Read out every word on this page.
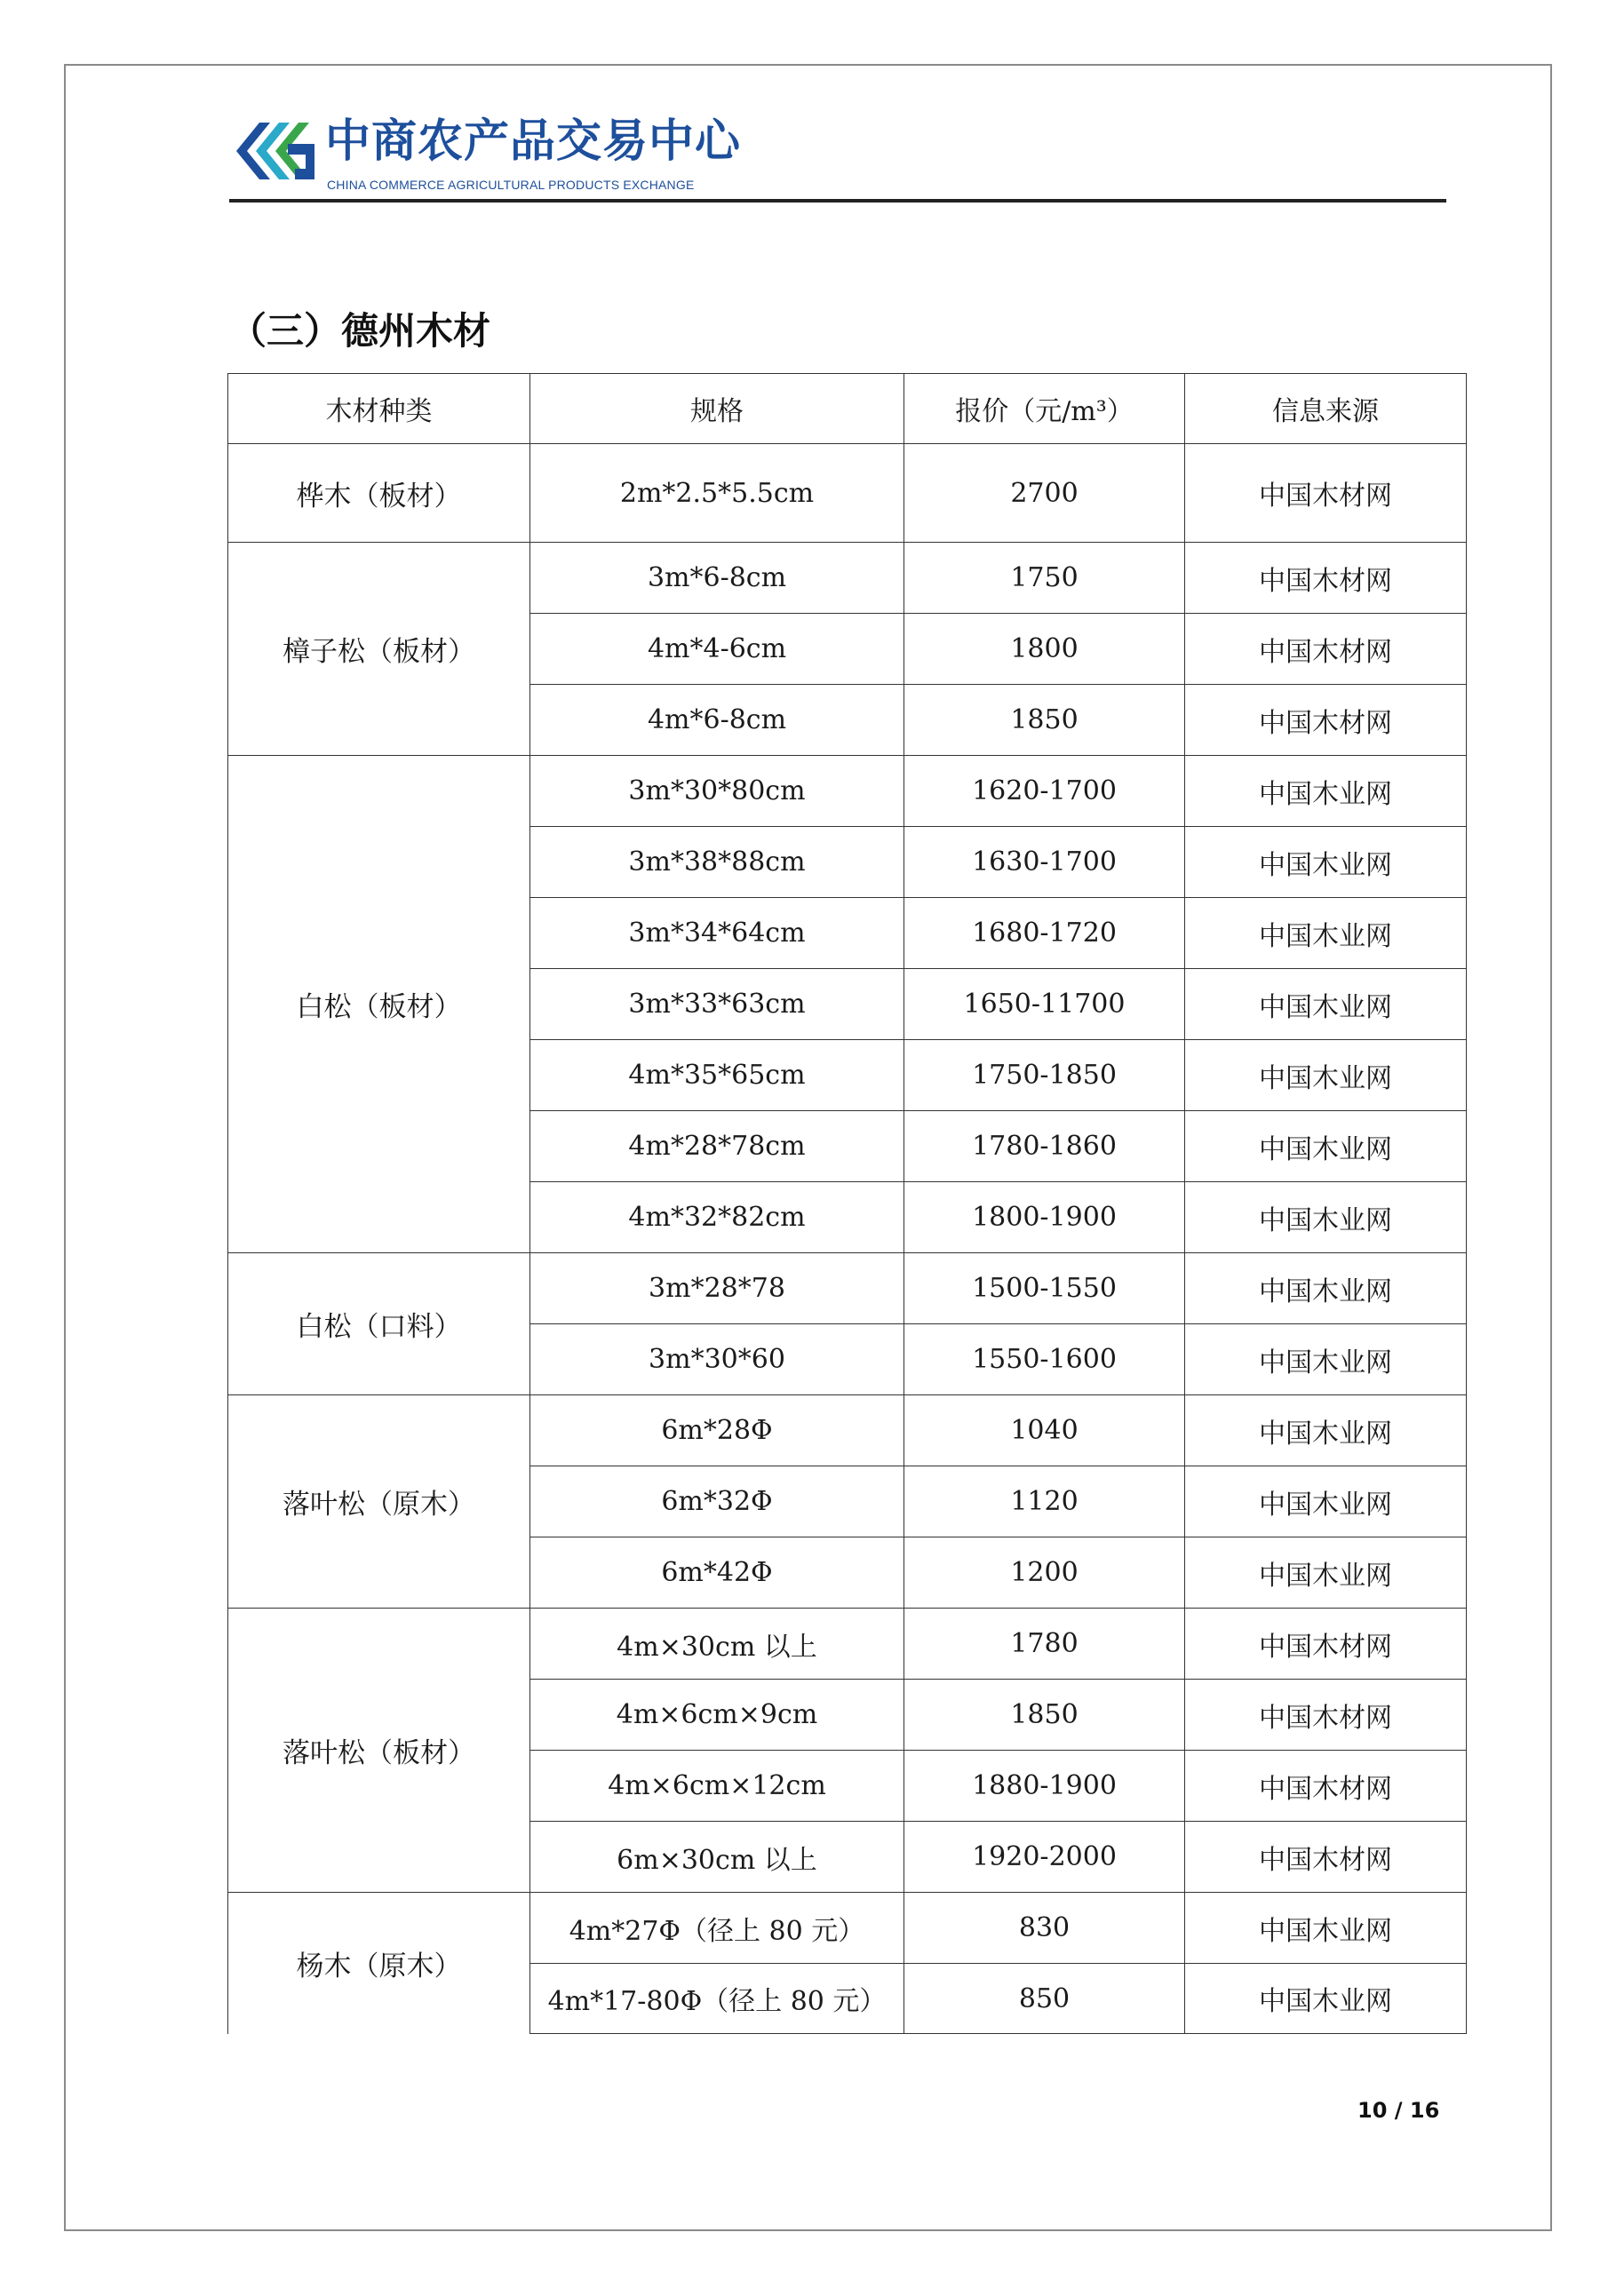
中商农产品交易中心
CHINA COMMERCE AGRICULTURAL PRODUCTS EXCHANGE
（三）德州木材
木材种类	规格	报价（元/m³）	信息来源
桦木（板材）	2m*2.5*5.5cm	2700	中国木材网
樟子松（板材）	3m*6-8cm	1750	中国木材网
	4m*4-6cm	1800	中国木材网
	4m*6-8cm	1850	中国木材网
白松（板材）	3m*30*80cm	1620-1700	中国木业网
	3m*38*88cm	1630-1700	中国木业网
	3m*34*64cm	1680-1720	中国木业网
	3m*33*63cm	1650-11700	中国木业网
	4m*35*65cm	1750-1850	中国木业网
	4m*28*78cm	1780-1860	中国木业网
	4m*32*82cm	1800-1900	中国木业网
白松（口料）	3m*28*78	1500-1550	中国木业网
	3m*30*60	1550-1600	中国木业网
落叶松（原木）	6m*28Φ	1040	中国木业网
	6m*32Φ	1120	中国木业网
	6m*42Φ	1200	中国木业网
落叶松（板材）	4m×30cm 以上	1780	中国木材网
	4m×6cm×9cm	1850	中国木材网
	4m×6cm×12cm	1880-1900	中国木材网
	6m×30cm 以上	1920-2000	中国木材网
杨木（原木）	4m*27Φ（径上 80 元）	830	中国木业网
	4m*17-80Φ（径上 80 元）	850	中国木业网
10 / 16
